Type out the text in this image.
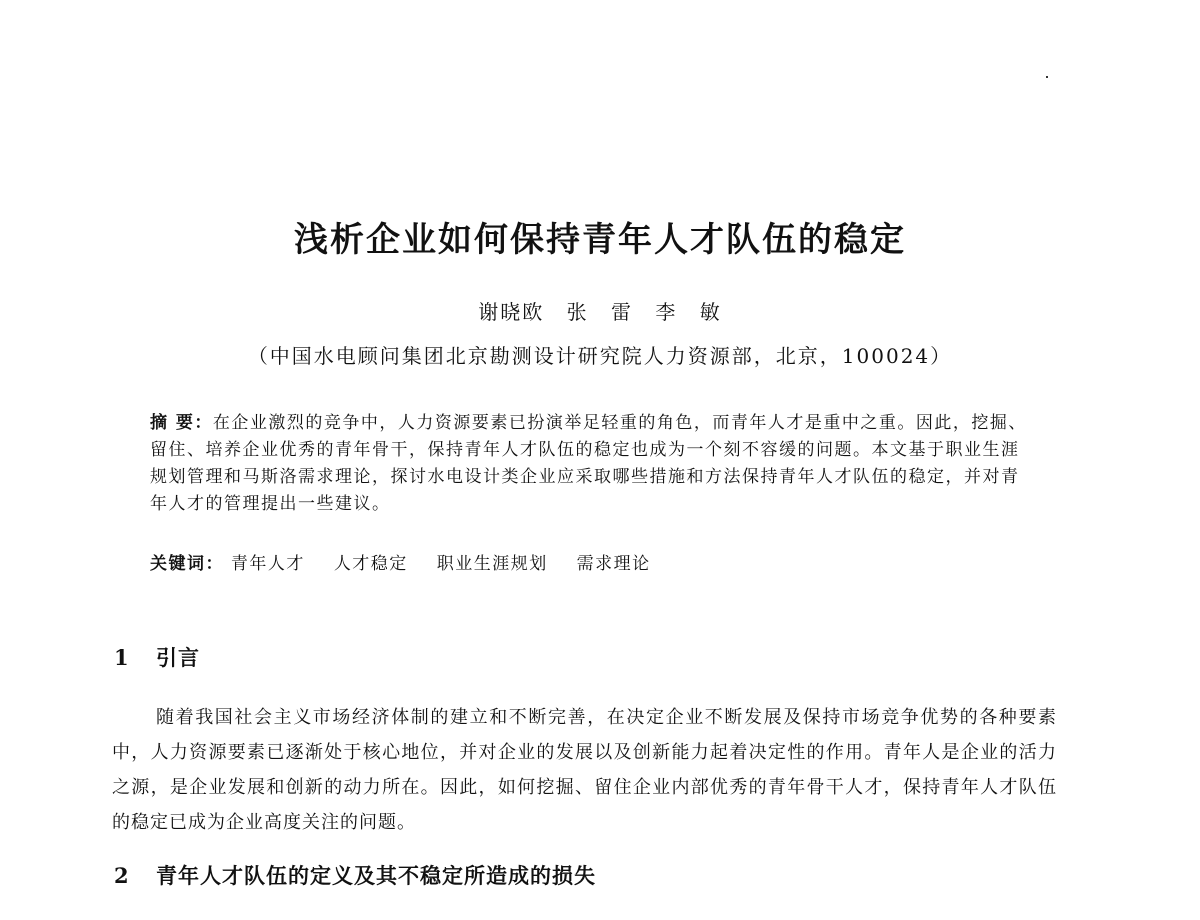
浅析企业如何保持青年人才队伍的稳定
谢晓欧 张 雷 李 敏
（中国水电顾问集团北京勘测设计研究院人力资源部，北京，100024）
摘 要：在企业激烈的竞争中，人力资源要素已扮演举足轻重的角色，而青年人才是重中之重。因此，挖掘、留住、培养企业优秀的青年骨干，保持青年人才队伍的稳定也成为一个刻不容缓的问题。本文基于职业生涯规划管理和马斯洛需求理论，探讨水电设计类企业应采取哪些措施和方法保持青年人才队伍的稳定，并对青年人才的管理提出一些建议。
关键词： 青年人才 人才稳定 职业生涯规划 需求理论
1 引言
随着我国社会主义市场经济体制的建立和不断完善，在决定企业不断发展及保持市场竞争优势的各种要素中，人力资源要素已逐渐处于核心地位，并对企业的发展以及创新能力起着决定性的作用。青年人是企业的活力之源，是企业发展和创新的动力所在。因此，如何挖掘、留住企业内部优秀的青年骨干人才，保持青年人才队伍的稳定已成为企业高度关注的问题。
2 青年人才队伍的定义及其不稳定所造成的损失
